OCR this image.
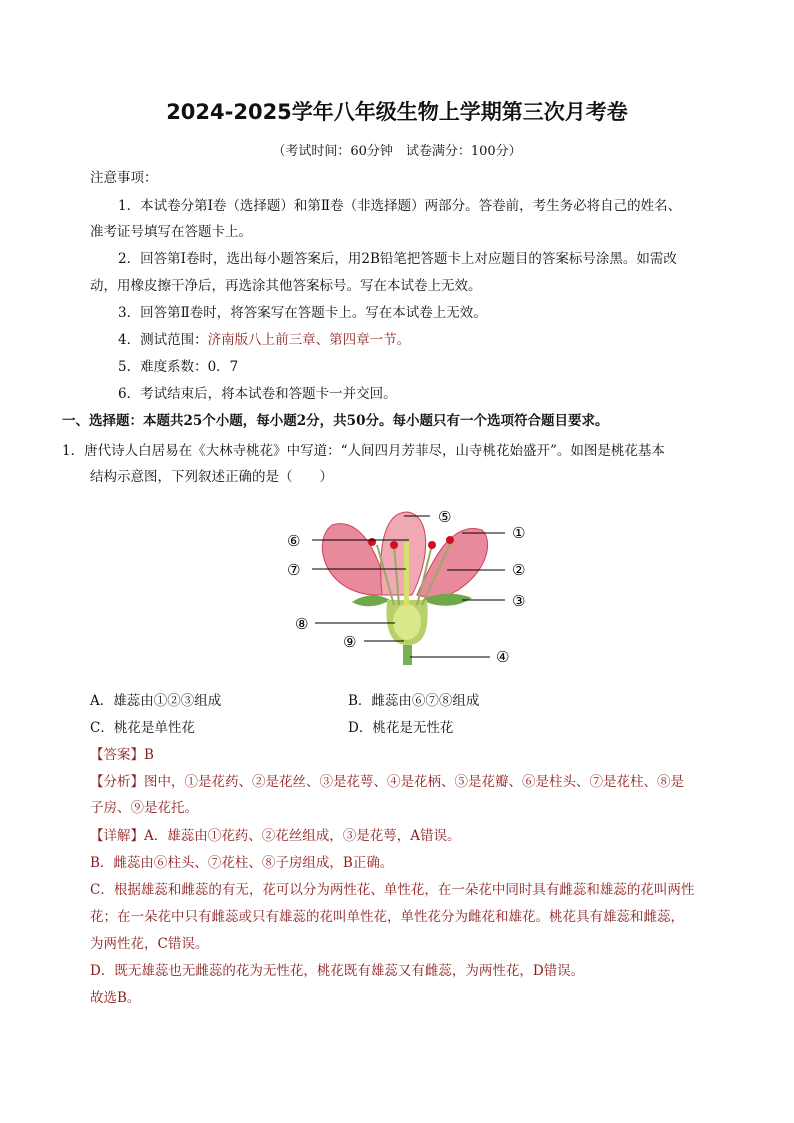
2024-2025学年八年级生物上学期第三次月考卷
（考试时间：60分钟　试卷满分：100分）
注意事项：
1．本试卷分第Ⅰ卷（选择题）和第Ⅱ卷（非选择题）两部分。答卷前，考生务必将自己的姓名、
准考证号填写在答题卡上。
2．回答第Ⅰ卷时，选出每小题答案后，用2B铅笔把答题卡上对应题目的答案标号涂黑。如需改
动，用橡皮擦干净后，再选涂其他答案标号。写在本试卷上无效。
3．回答第Ⅱ卷时，将答案写在答题卡上。写在本试卷上无效。
4．测试范围：济南版八上前三章、第四章一节。
5．难度系数：0．7
6．考试结束后，将本试卷和答题卡一并交回。
一、选择题：本题共25个小题，每小题2分，共50分。每小题只有一个选项符合题目要求。
1．唐代诗人白居易在《大林寺桃花》中写道：“人间四月芳菲尽，山寺桃花始盛开”。如图是桃花基本
结构示意图，下列叙述正确的是（　　）
①
②
③
④
⑤
⑥
⑦
⑧
⑨
A．雄蕊由①②③组成	B．雌蕊由⑥⑦⑧组成
C．桃花是单性花	D．桃花是无性花
【答案】B
【分析】图中，①是花药、②是花丝、③是花萼、④是花柄、⑤是花瓣、⑥是柱头、⑦是花柱、⑧是
子房、⑨是花托。
【详解】A．雄蕊由①花药、②花丝组成，③是花萼，A错误。
B．雌蕊由⑥柱头、⑦花柱、⑧子房组成，B正确。
C．根据雄蕊和雌蕊的有无，花可以分为两性花、单性花，在一朵花中同时具有雌蕊和雄蕊的花叫两性
花；在一朵花中只有雌蕊或只有雄蕊的花叫单性花，单性花分为雌花和雄花。桃花具有雄蕊和雌蕊，
为两性花，C错误。
D．既无雄蕊也无雌蕊的花为无性花，桃花既有雄蕊又有雌蕊，为两性花，D错误。
故选B。
